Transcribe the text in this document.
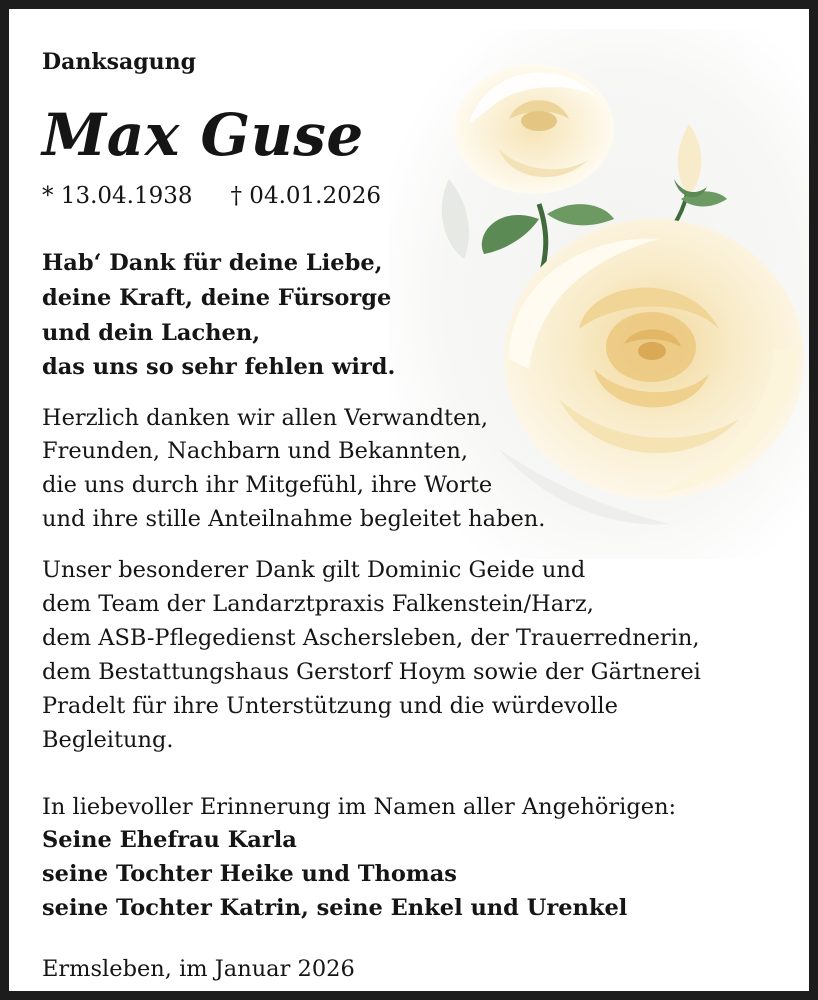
Danksagung
Max Guse
* 13.04.1938 † 04.01.2026
Hab‘ Dank für deine Liebe,
deine Kraft, deine Fürsorge
und dein Lachen,
das uns so sehr fehlen wird.
Herzlich danken wir allen Verwandten,
Freunden, Nachbarn und Bekannten,
die uns durch ihr Mitgefühl, ihre Worte
und ihre stille Anteilnahme begleitet haben.
Unser besonderer Dank gilt Dominic Geide und
dem Team der Landarztpraxis Falkenstein/Harz,
dem ASB-Pflegedienst Aschersleben, der Trauerrednerin,
dem Bestattungshaus Gerstorf Hoym sowie der Gärtnerei
Pradelt für ihre Unterstützung und die würdevolle
Begleitung.
In liebevoller Erinnerung im Namen aller Angehörigen:
Seine Ehefrau Karla
seine Tochter Heike und Thomas
seine Tochter Katrin, seine Enkel und Urenkel
Ermsleben, im Januar 2026
